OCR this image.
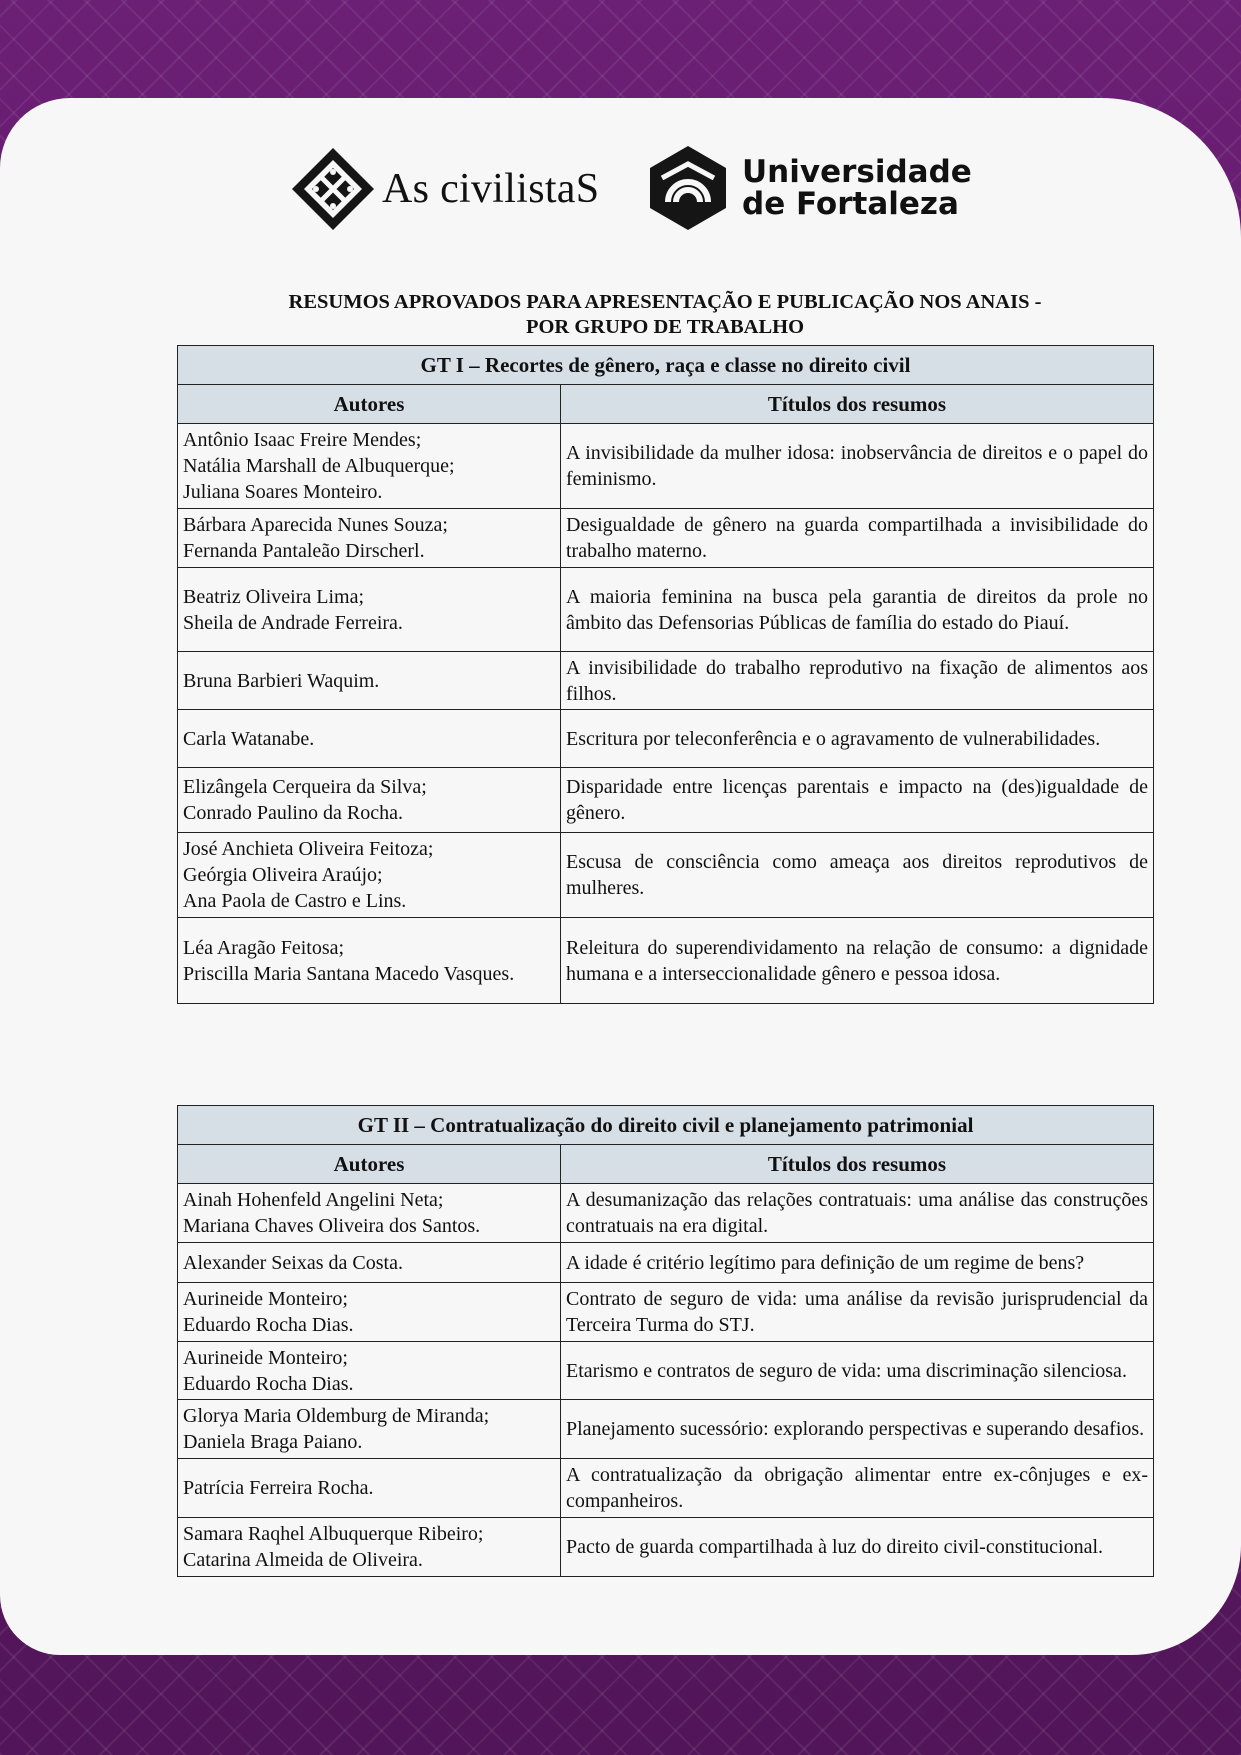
As civilistaS	Universidade
de Fortaleza
RESUMOS APROVADOS PARA APRESENTAÇÃO E PUBLICAÇÃO NOS ANAIS -
POR GRUPO DE TRABALHO
GT I – Recortes de gênero, raça e classe no direito civil	
Autores	Títulos dos resumos

Antônio Isaac Freire Mendes;
Natália Marshall de Albuquerque;
Juliana Soares Monteiro.	A invisibilidade da mulher idosa: inobservância de direitos e o papel do feminismo.

Bárbara Aparecida Nunes Souza;
Fernanda Pantaleão Dirscherl.	Desigualdade de gênero na guarda compartilhada a invisibilidade do trabalho materno.

Beatriz Oliveira Lima;
Sheila de Andrade Ferreira.	A maioria feminina na busca pela garantia de direitos da prole no âmbito das Defensorias Públicas de família do estado do Piauí.

Bruna Barbieri Waquim.	A invisibilidade do trabalho reprodutivo na fixação de alimentos aos filhos.

Carla Watanabe.	Escritura por teleconferência e o agravamento de vulnerabilidades.

Elizângela Cerqueira da Silva;
Conrado Paulino da Rocha.	Disparidade entre licenças parentais e impacto na (des)igualdade de gênero.

José Anchieta Oliveira Feitoza;
Geórgia Oliveira Araújo;
Ana Paola de Castro e Lins.	Escusa de consciência como ameaça aos direitos reprodutivos de mulheres.

Léa Aragão Feitosa;
Priscilla Maria Santana Macedo Vasques.	Releitura do superendividamento na relação de consumo: a dignidade humana e a interseccionalidade gênero e pessoa idosa.
GT II – Contratualização do direito civil e planejamento patrimonial	
Autores	Títulos dos resumos

Ainah Hohenfeld Angelini Neta;
Mariana Chaves Oliveira dos Santos.	A desumanização das relações contratuais: uma análise das construções contratuais na era digital.

Alexander Seixas da Costa.	A idade é critério legítimo para definição de um regime de bens?

Aurineide Monteiro;
Eduardo Rocha Dias.	Contrato de seguro de vida: uma análise da revisão jurisprudencial da Terceira Turma do STJ.

Aurineide Monteiro;
Eduardo Rocha Dias.	Etarismo e contratos de seguro de vida: uma discriminação silenciosa.

Glorya Maria Oldemburg de Miranda;
Daniela Braga Paiano.	Planejamento sucessório: explorando perspectivas e superando desafios.

Patrícia Ferreira Rocha.	A contratualização da obrigação alimentar entre ex-cônjuges e ex-companheiros.

Samara Raqhel Albuquerque Ribeiro;
Catarina Almeida de Oliveira.	Pacto de guarda compartilhada à luz do direito civil-constitucional.
